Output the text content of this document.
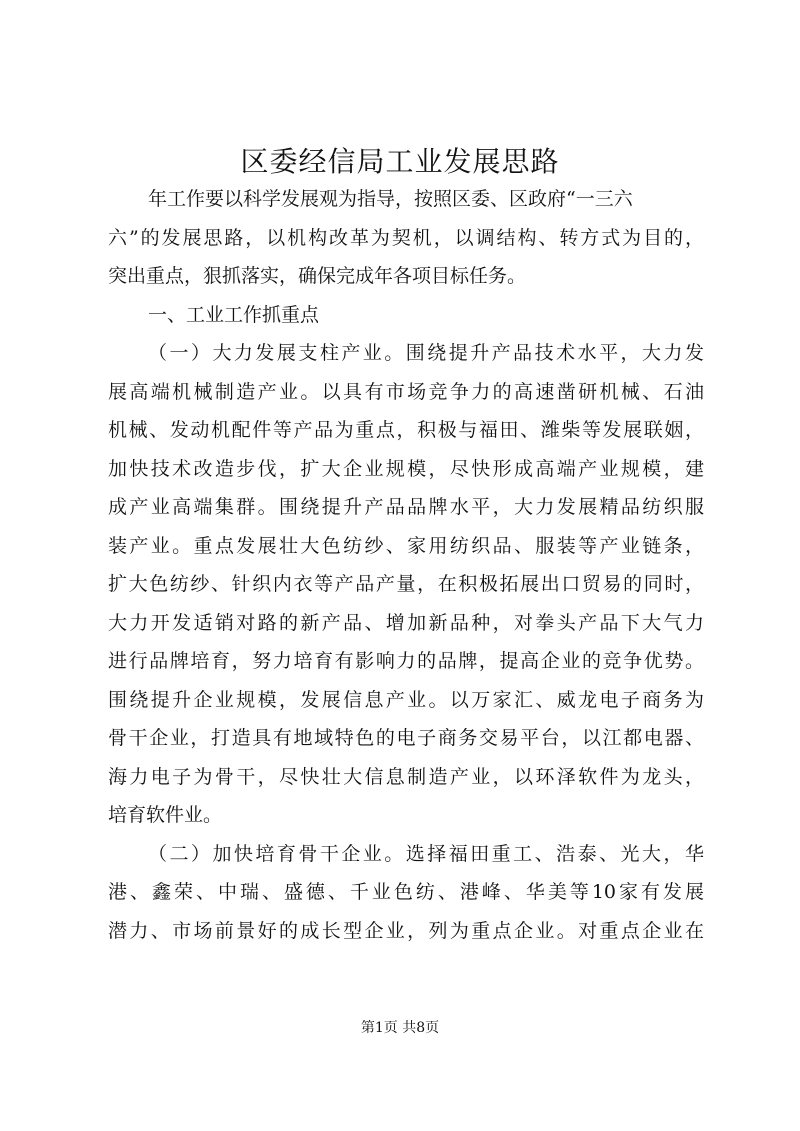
区委经信局工业发展思路
年工作要以科学发展观为指导，按照区委、区政府“一三六
六”的发展思路，以机构改革为契机，以调结构、转方式为目的，
突出重点，狠抓落实，确保完成年各项目标任务。
一、工业工作抓重点
（一）大力发展支柱产业。围绕提升产品技术水平，大力发
展高端机械制造产业。以具有市场竞争力的高速凿研机械、石油
机械、发动机配件等产品为重点，积极与福田、潍柴等发展联姻，
加快技术改造步伐，扩大企业规模，尽快形成高端产业规模，建
成产业高端集群。围绕提升产品品牌水平，大力发展精品纺织服
装产业。重点发展壮大色纺纱、家用纺织品、服装等产业链条，
扩大色纺纱、针织内衣等产品产量，在积极拓展出口贸易的同时，
大力开发适销对路的新产品、增加新品种，对拳头产品下大气力
进行品牌培育，努力培育有影响力的品牌，提高企业的竞争优势。
围绕提升企业规模，发展信息产业。以万家汇、威龙电子商务为
骨干企业，打造具有地域特色的电子商务交易平台，以江都电器、
海力电子为骨干，尽快壮大信息制造产业，以环泽软件为龙头，
培育软件业。
（二）加快培育骨干企业。选择福田重工、浩泰、光大，华
港、鑫荣、中瑞、盛德、千业色纺、港峰、华美等10家有发展
潜力、市场前景好的成长型企业，列为重点企业。对重点企业在
第1页 共8页
